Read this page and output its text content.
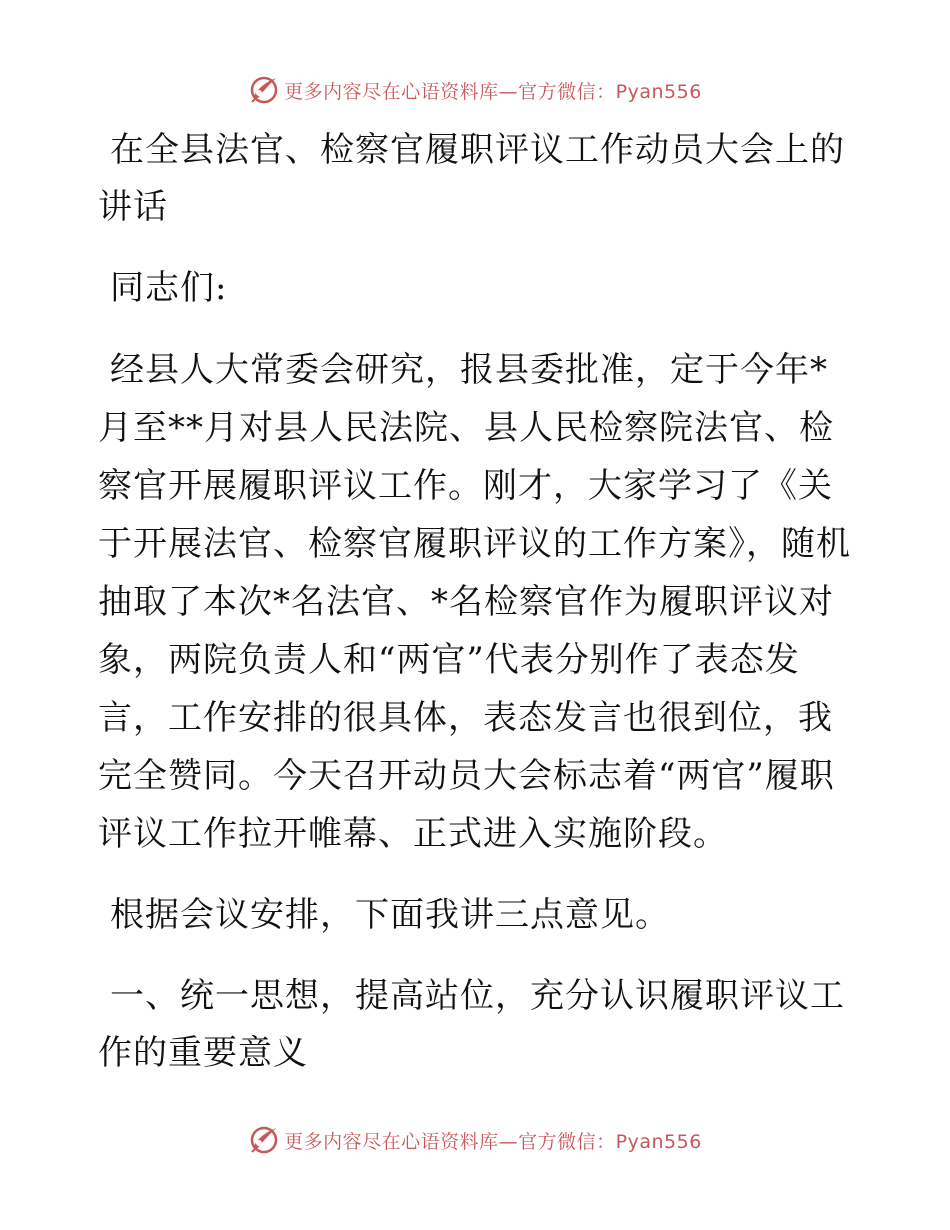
更多内容尽在心语资料库—官方微信：Pyan556

在全县法官、检察官履职评议工作动员大会上的讲话

同志们:

经县人大常委会研究，报县委批准，定于今年*月至**月对县人民法院、县人民检察院法官、检察官开展履职评议工作。刚才，大家学习了《关于开展法官、检察官履职评议的工作方案》，随机抽取了本次*名法官、*名检察官作为履职评议对象，两院负责人和“两官”代表分别作了表态发言，工作安排的很具体，表态发言也很到位，我完全赞同。今天召开动员大会标志着“两官”履职评议工作拉开帷幕、正式进入实施阶段。

根据会议安排，下面我讲三点意见。

一、统一思想，提高站位，充分认识履职评议工作的重要意义

更多内容尽在心语资料库—官方微信：Pyan556
